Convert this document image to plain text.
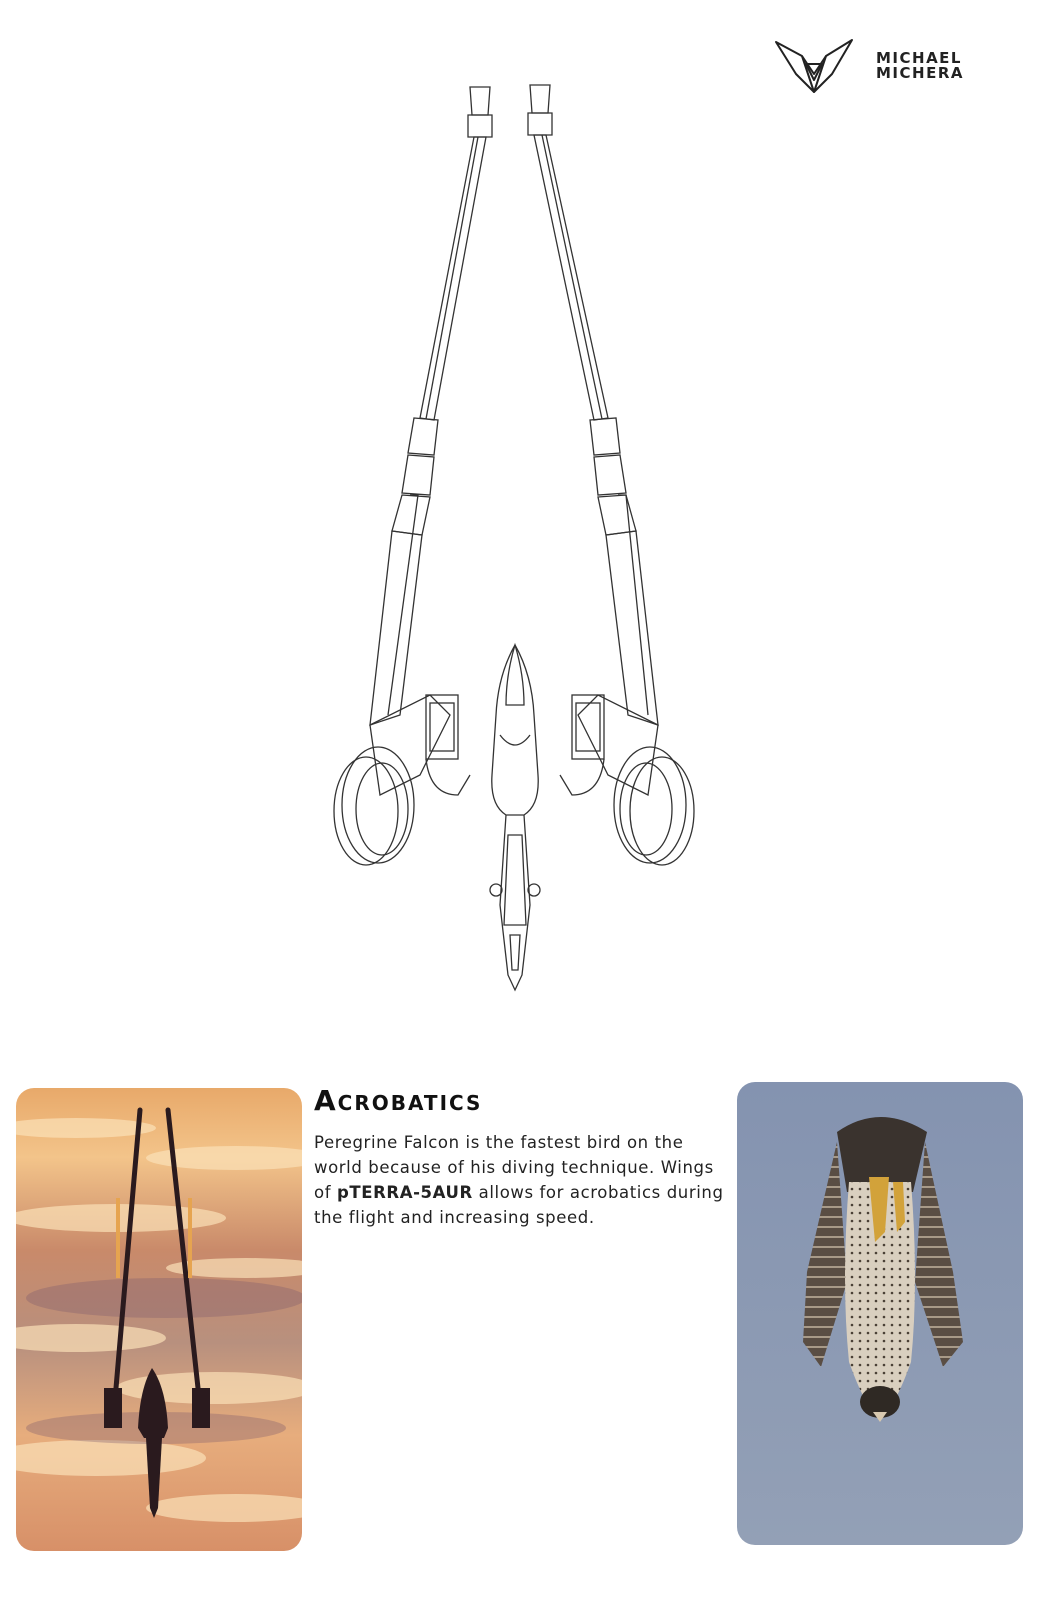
MICHAEL
MICHERA
Acrobatics
Peregrine Falcon is the fastest bird on the world because of his diving technique. Wings of pTERRA-5AUR allows for acrobatics during the flight and increasing speed.
